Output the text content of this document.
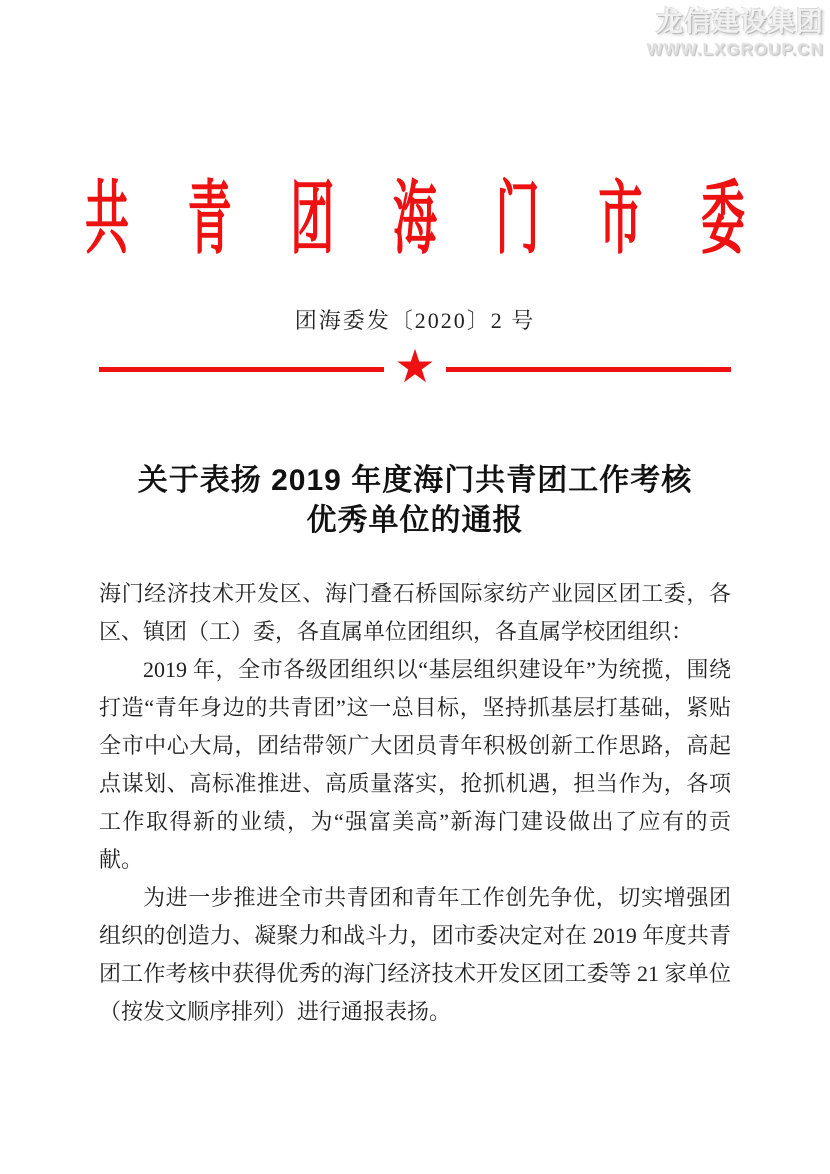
龙信建设集团
WWW.LXGROUP.CN
共青团海门市委
团海委发〔2020〕2 号
★
关于表扬 2019 年度海门共青团工作考核
优秀单位的通报

海门经济技术开发区、海门叠石桥国际家纺产业园区团工委，各区、镇团（工）委，各直属单位团组织，各直属学校团组织：

2019 年，全市各级团组织以“基层组织建设年”为统揽，围绕打造“青年身边的共青团”这一总目标，坚持抓基层打基础，紧贴全市中心大局，团结带领广大团员青年积极创新工作思路，高起点谋划、高标准推进、高质量落实，抢抓机遇，担当作为，各项工作取得新的业绩，为“强富美高”新海门建设做出了应有的贡献。

为进一步推进全市共青团和青年工作创先争优，切实增强团组织的创造力、凝聚力和战斗力，团市委决定对在 2019 年度共青团工作考核中获得优秀的海门经济技术开发区团工委等 21 家单位（按发文顺序排列）进行通报表扬。
